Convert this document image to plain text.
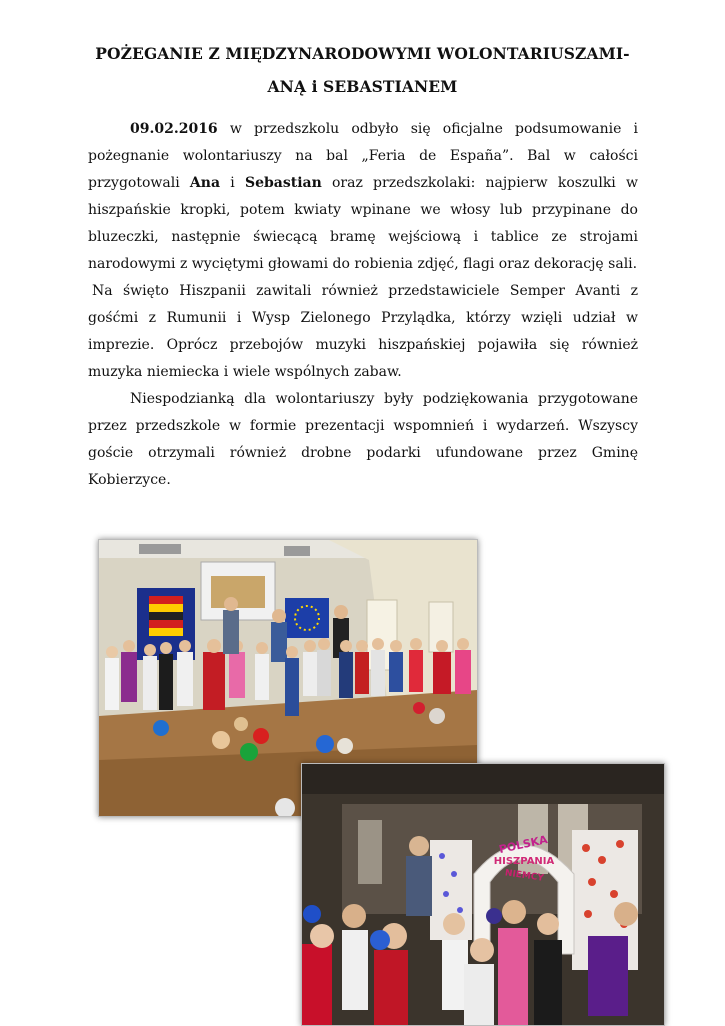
POŻEGANIE Z MIĘDZYNARODOWYMI WOLONTARIUSZAMI-
ANĄ i SEBASTIANEM

09.02.2016 w przedszkolu odbyło się oficjalne podsumowanie i pożegnanie wolontariuszy na bal „Feria de España”. Bal w całości przygotowali Ana i Sebastian oraz przedszkolaki: najpierw koszulki w hiszpańskie kropki, potem kwiaty wpinane we włosy lub przypinane do bluzeczki, następnie świecącą bramę wejściową i tablice ze strojami narodowymi z wyciętymi głowami do robienia zdjęć, flagi oraz dekorację sali.

Na święto Hiszpanii zawitali również przedstawiciele Semper Avanti z gośćmi z Rumunii i Wysp Zielonego Przylądka, którzy wzięli udział w imprezie. Oprócz przebojów muzyki hiszpańskiej pojawiła się również muzyka niemiecka i wiele wspólnych zabaw.

Niespodzianką dla wolontariuszy były podziękowania przygotowane przez przedszkole w formie prezentacji wspomnień i wydarzeń. Wszyscy goście otrzymali również drobne podarki ufundowane przez Gminę Kobierzyce.

POLSKA
HISZPANIA
NIEMCY
